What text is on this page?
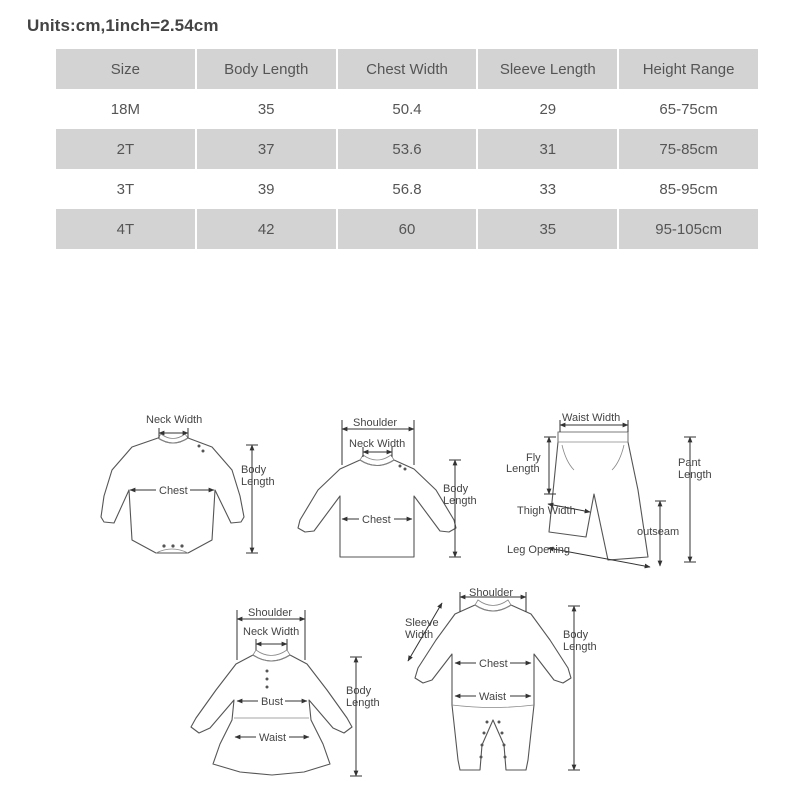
Units:cm,1inch=2.54cm
Size	Body Length	Chest Width	Sleeve Length	Height Range
18M	35	50.4	29	65-75cm
2T	37	53.6	31	75-85cm
3T	39	56.8	33	85-95cm
4T	42	60	35	95-105cm
Neck Width
Chest
Body
Length
Shoulder
Neck Width
Chest
Body
Length
Waist Width
Fly
Length	Pant
Length
Thigh Width
outseam
Leg Opening
Shoulder
Neck Width
Bust
Waist
Body
Length
Shoulder
Sleeve
Width
Chest
Waist
Body
Length
